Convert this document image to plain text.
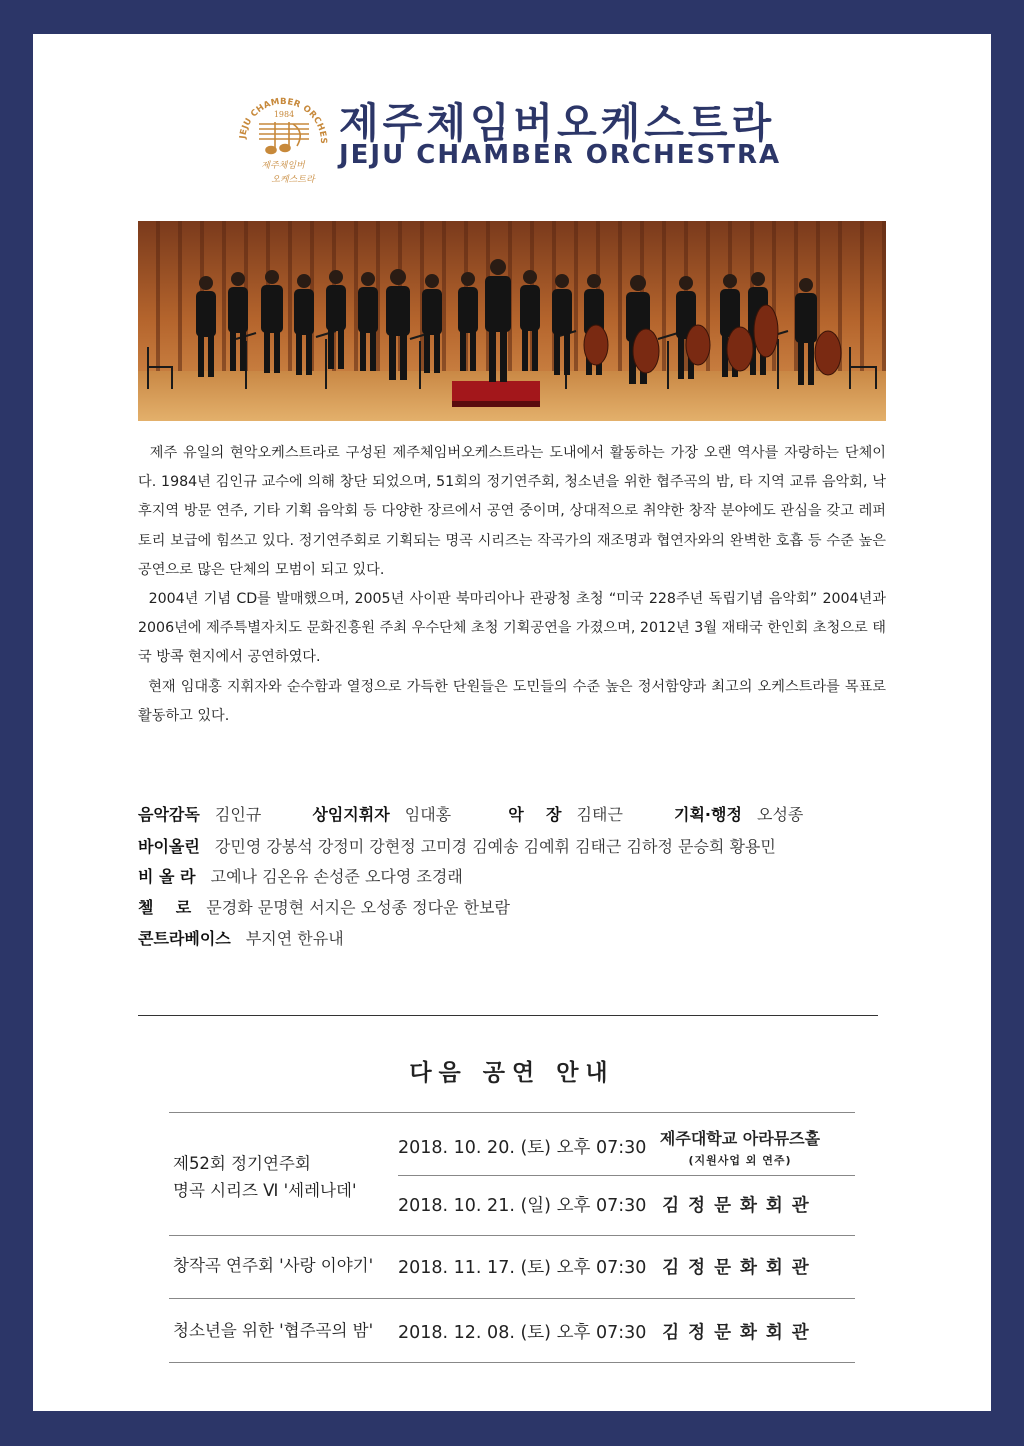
JEJU CHAMBER ORCHES
1984
제주체임버
오케스트라
제주체임버오케스트라
JEJU CHAMBER ORCHESTRA

제주 유일의 현악오케스트라로 구성된 제주체임버오케스트라는 도내에서 활동하는 가장 오랜 역사를 자랑하는 단체이다. 1984년 김인규 교수에 의해 창단 되었으며, 51회의 정기연주회, 청소년을 위한 협주곡의 밤, 타 지역 교류 음악회, 낙후지역 방문 연주, 기타 기획 음악회 등 다양한 장르에서 공연 중이며, 상대적으로 취약한 창작 분야에도 관심을 갖고 레퍼토리 보급에 힘쓰고 있다. 정기연주회로 기획되는 명곡 시리즈는 작곡가의 재조명과 협연자와의 완벽한 호흡 등 수준 높은 공연으로 많은 단체의 모범이 되고 있다.

2004년 기념 CD를 발매했으며, 2005년 사이판 북마리아나 관광청 초청 “미국 228주년 독립기념 음악회” 2004년과 2006년에 제주특별자치도 문화진흥원 주최 우수단체 초청 기획공연을 가졌으며, 2012년 3월 재태국 한인회 초청으로 태국 방콕 현지에서 공연하였다.

현재 임대홍 지휘자와 순수함과 열정으로 가득한 단원들은 도민들의 수준 높은 정서함양과 최고의 오케스트라를 목표로 활동하고 있다.

음악감독 김인규	상임지휘자 임대홍	악    장 김태근	기획·행정 오성종
바이올린 강민영 강봉석 강정미 강현정 고미경 김예송 김예휘 김태근 김하정 문승희 황용민
비 올 라 고예나 김온유 손성준 오다영 조경래
첼    로 문경화 문명현 서지은 오성종 정다운 한보람
콘트라베이스 부지연 한유내
다음 공연 안내
제52회 정기연주회
명곡 시리즈 Ⅵ '세레나데'
2018. 10. 20. (토) 오후 07:30 제주대학교 아라뮤즈홀
(지원사업 외 연주)
2018. 10. 21. (일) 오후 07:30 김정문화회관
창작곡 연주회 '사랑 이야기' 2018. 11. 17. (토) 오후 07:30 김정문화회관
청소년을 위한 '협주곡의 밤' 2018. 12. 08. (토) 오후 07:30 김정문화회관
